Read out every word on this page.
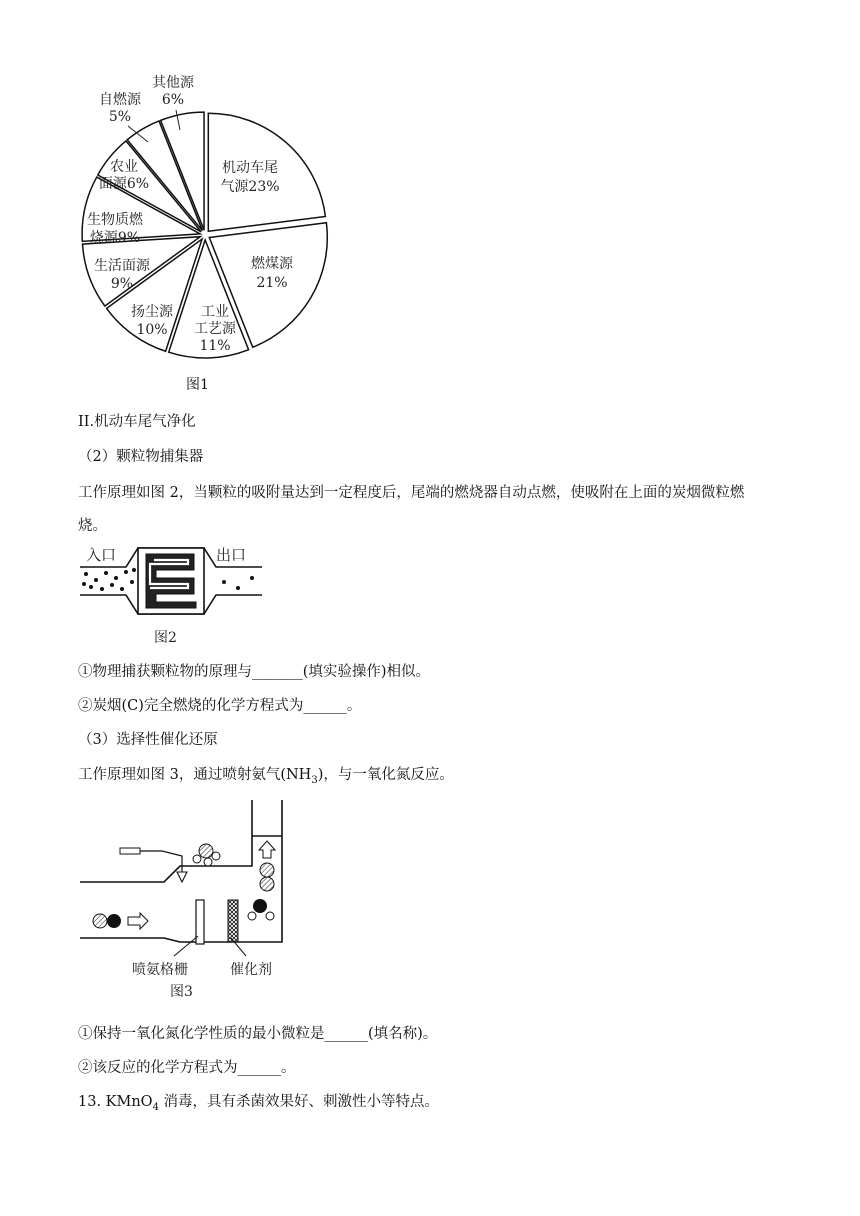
机动车尾
气源23%
燃煤源
21%
工业
工艺源
11%
扬尘源
10%
生活面源
9%
生物质燃
烧源9%
农业
面源6%
自燃源
5%
其他源
6%
图1
II.机动车尾气净化
（2）颗粒物捕集器
工作原理如图 2，当颗粒的吸附量达到一定程度后，尾端的燃烧器自动点燃，使吸附在上面的炭烟微粒燃
烧。
入口	出口
图2
①物理捕获颗粒物的原理与_______(填实验操作)相似。
②炭烟(C)完全燃烧的化学方程式为______。
（3）选择性催化还原
工作原理如图 3，通过喷射氨气$(NH_3)$，与一氧化氮反应。
喷氨格栅	催化剂
图3
①保持一氧化氮化学性质的最小微粒是______(填名称)。
②该反应的化学方程式为______。
13. KMnO$_4$ 消毒，具有杀菌效果好、刺激性小等特点。
